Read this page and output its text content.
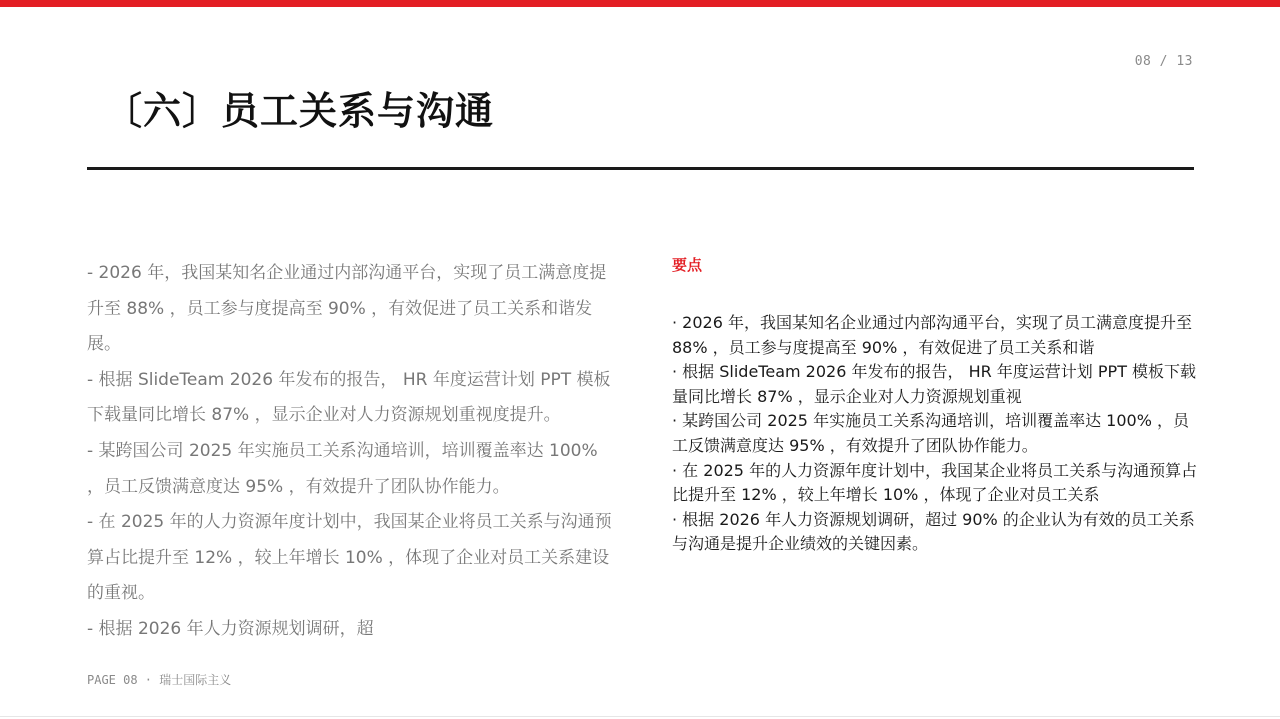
08 / 13
〔六〕员工关系与沟通

- 2026 年，我国某知名企业通过内部沟通平台，实现了员工满意度提升至 88% ，员工参与度提高至 90% ，有效促进了员工关系和谐发展。

- 根据 SlideTeam 2026 年发布的报告， HR 年度运营计划 PPT 模板下载量同比增长 87% ，显示企业对人力资源规划重视度提升。

- 某跨国公司 2025 年实施员工关系沟通培训，培训覆盖率达 100% ，员工反馈满意度达 95% ，有效提升了团队协作能力。

- 在 2025 年的人力资源年度计划中，我国某企业将员工关系与沟通预算占比提升至 12% ，较上年增长 10% ，体现了企业对员工关系建设的重视。

- 根据 2026 年人力资源规划调研，超

PAGE 08 · 瑞士国际主义
要点

· 2026 年，我国某知名企业通过内部沟通平台，实现了员工满意度提升至 88% ，员工参与度提高至 90% ，有效促进了员工关系和谐

· 根据 SlideTeam 2026 年发布的报告， HR 年度运营计划 PPT 模板下载量同比增长 87% ，显示企业对人力资源规划重视

· 某跨国公司 2025 年实施员工关系沟通培训，培训覆盖率达 100% ，员工反馈满意度达 95% ，有效提升了团队协作能力。

· 在 2025 年的人力资源年度计划中，我国某企业将员工关系与沟通预算占比提升至 12% ，较上年增长 10% ，体现了企业对员工关系

· 根据 2026 年人力资源规划调研，超过 90% 的企业认为有效的员工关系与沟通是提升企业绩效的关键因素。
